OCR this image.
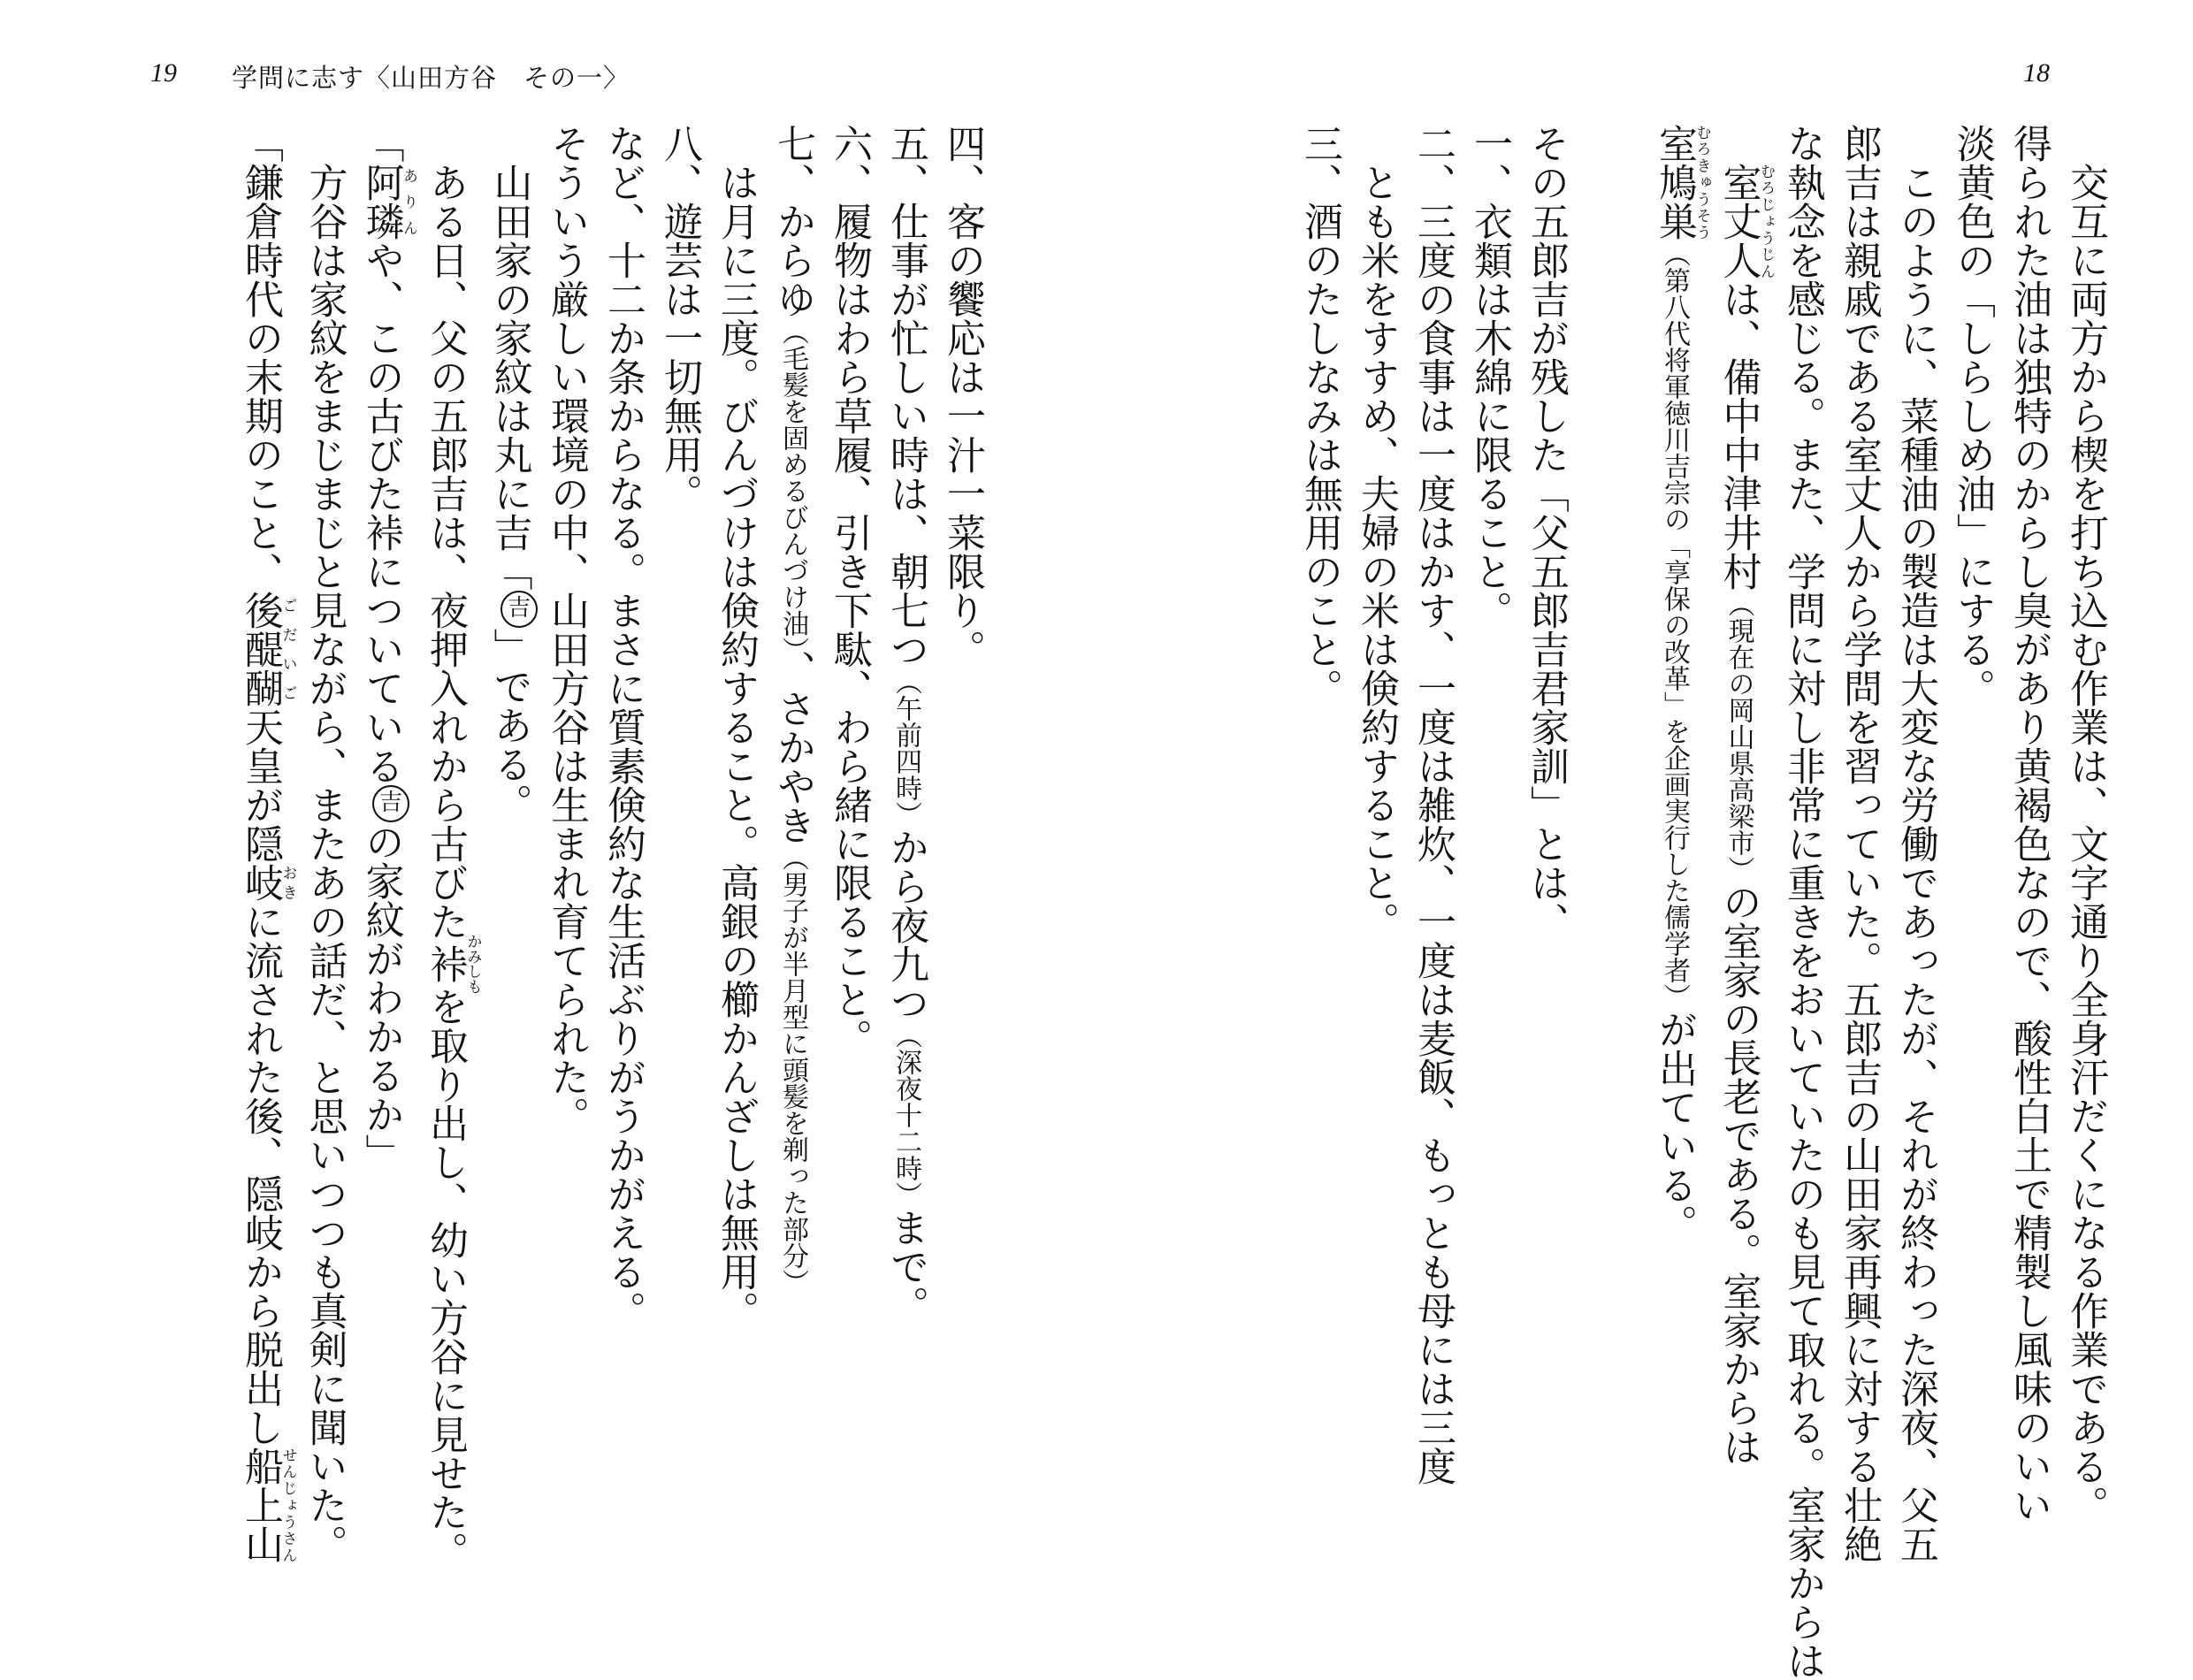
19 学問に志す〈山田方谷　その一〉	18

　交互に両方から楔を打ち込む作業は、文字通り全身汗だくになる作業である。

得られた油は独特のからし臭があり黄褐色なので、酸性白土で精製し風味のいい

淡黄色の「しらしめ油」にする。

　このように、菜種油の製造は大変な労働であったが、それが終わった深夜、父五

郎吉は親戚である室丈人から学問を習っていた。五郎吉の山田家再興に対する壮絶

な執念を感じる。また、学問に対し非常に重きをおいていたのも見て取れる。室家からは

　室丈人むろじょうじんは、備中中津井村（現在の岡山県高梁市）の室家の長老である。室家からは

室鳩巣むろきゅうそう（第八代将軍徳川吉宗の「享保の改革」を企画実行した儒学者）が出ている。

その五郎吉が残した「父五郎吉君家訓」とは、

一、衣類は木綿に限ること。

二、三度の食事は一度はかす、一度は雑炊、一度は麦飯、もっとも母には三度

　とも米をすすめ、夫婦の米は倹約すること。

三、酒のたしなみは無用のこと。

四、客の饗応は一汁一菜限り。

五、仕事が忙しい時は、朝七つ（午前四時）から夜九つ（深夜十二時）まで。

六、履物はわら草履、引き下駄、わら緒に限ること。

七、からゆ（毛髪を固めるびんづけ油）、さかやき（男子が半月型に頭髪を剃った部分）

　は月に三度。びんづけは倹約すること。高銀の櫛かんざしは無用。

八、遊芸は一切無用。

など、十二か条からなる。まさに質素倹約な生活ぶりがうかがえる。

そういう厳しい環境の中、山田方谷は生まれ育てられた。

　山田家の家紋は丸に吉「吉」である。

　ある日、父の五郎吉は、夜押入れから古びた裃かみしもを取り出し、幼い方谷に見せた。

「阿璘ありんや、この古びた裃についている吉の家紋がわかるか」

　方谷は家紋をまじまじと見ながら、またあの話だ、と思いつつも真剣に聞いた。

「鎌倉時代の末期のこと、後醍醐ごだいご天皇が隠岐おきに流された後、隠岐から脱出し船上山せんじょうさん
